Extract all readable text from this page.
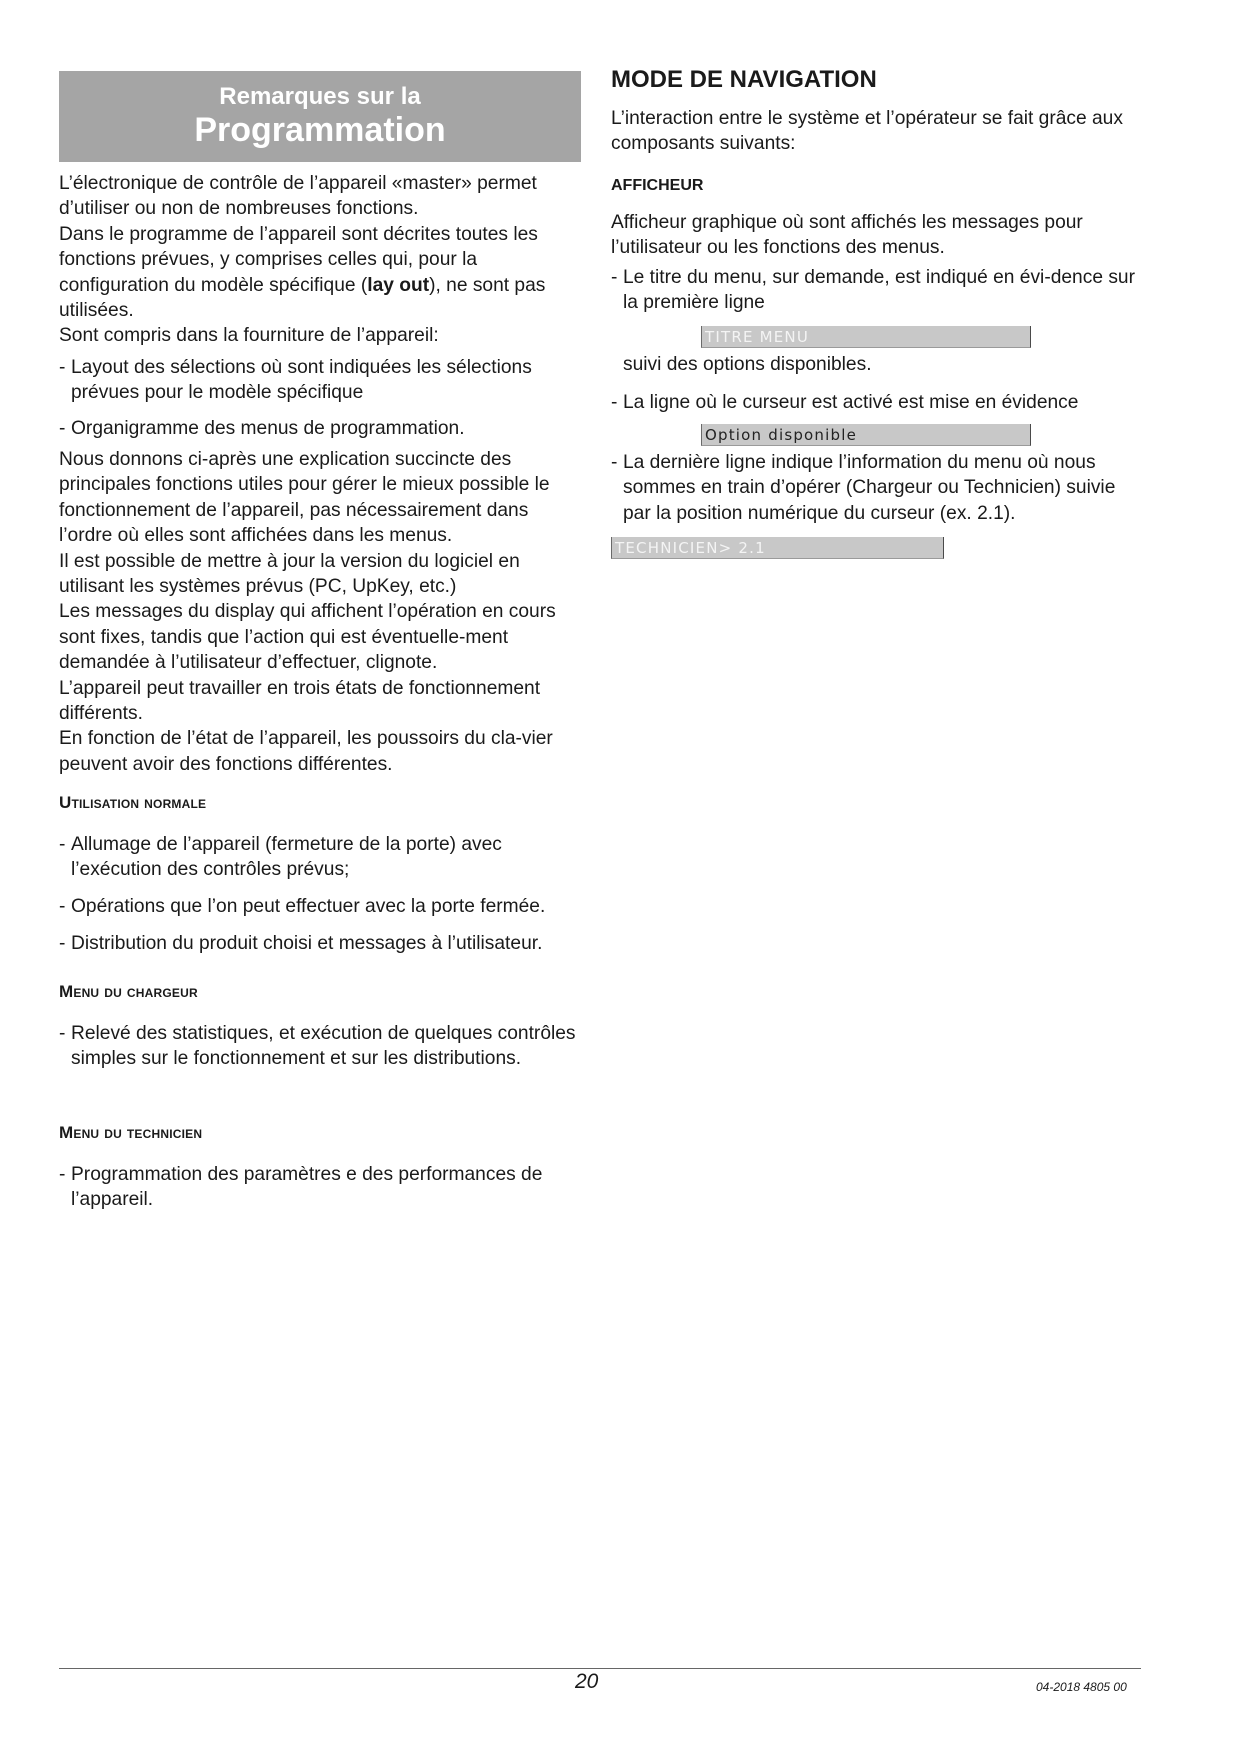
Remarques sur la
Programmation

L’électronique de contrôle de l’appareil «master» permet d’utiliser ou non de nombreuses fonctions.

Dans le programme de l’appareil sont décrites toutes les fonctions prévues, y comprises celles qui, pour la configuration du modèle spécifique (lay out), ne sont pas utilisées.

Sont compris dans la fourniture de l’appareil:

- Layout des sélections où sont indiquées les sélections prévues pour le modèle spécifique
- Organigramme des menus de programmation.

Nous donnons ci-après une explication succincte des principales fonctions utiles pour gérer le mieux possible le fonctionnement de l’appareil, pas nécessairement dans l’ordre où elles sont affichées dans les menus.

Il est possible de mettre à jour la version du logiciel en utilisant les systèmes prévus (PC, UpKey, etc.)

Les messages du display qui affichent l’opération en cours sont fixes, tandis que l’action qui est éventuelle-ment demandée à l’utilisateur d’effectuer, clignote.

L’appareil peut travailler en trois états de fonctionnement différents.

En fonction de l’état de l’appareil, les poussoirs du cla-vier peuvent avoir des fonctions différentes.

Utilisation normale
- Allumage de l’appareil (fermeture de la porte) avec l’exécution des contrôles prévus;
- Opérations que l’on peut effectuer avec la porte fermée.
- Distribution du produit choisi et messages à l’utilisateur.
Menu du chargeur
- Relevé des statistiques, et exécution de quelques contrôles simples sur le fonctionnement et sur les distributions.
Menu du technicien
- Programmation des paramètres e des performances de l’appareil.
MODE DE NAVIGATION
L’interaction entre le système et l’opérateur se fait grâce aux composants suivants:
AFFICHEUR
Afficheur graphique où sont affichés les messages pour l’utilisateur ou les fonctions des menus.
- Le titre du menu, sur demande, est indiqué en évi-dence sur la première ligne
TITRE MENU
suivi des options disponibles.
- La ligne où le curseur est activé est mise en évidence
Option disponible
- La dernière ligne indique l’information du menu où nous sommes en train d’opérer (Chargeur ou Technicien) suivie par la position numérique du curseur (ex. 2.1).
TECHNICIEN> 2.1
20	04-2018 4805 00
